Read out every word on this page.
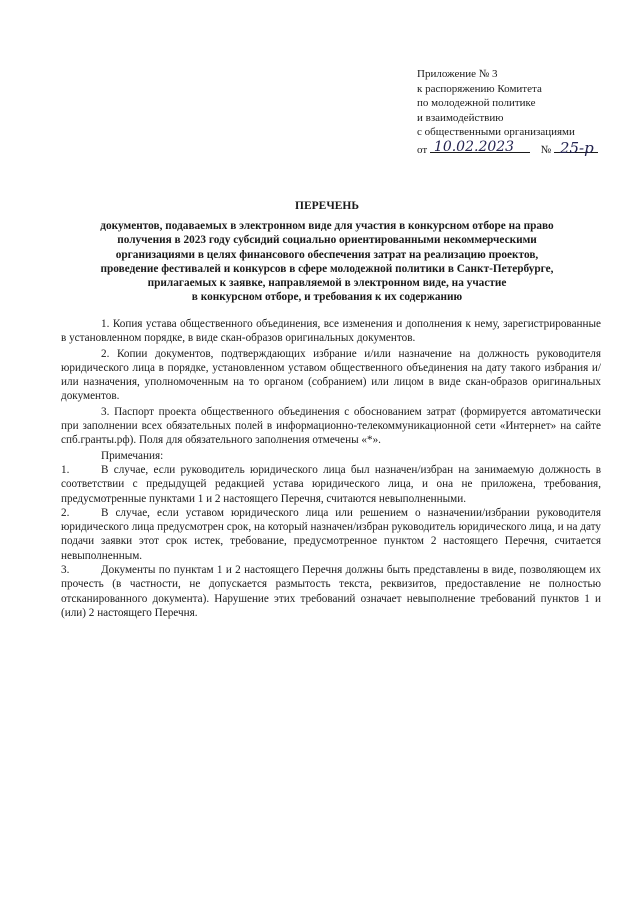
Приложение № 3
к распоряжению Комитета
по молодежной политике
и взаимодействию
с общественными организациями
от 10.02.2023 № 25-р
ПЕРЕЧЕНЬ
документов, подаваемых в электронном виде для участия в конкурсном отборе на право
получения в 2023 году субсидий социально ориентированными некоммерческими
организациями в целях финансового обеспечения затрат на реализацию проектов,
проведение фестивалей и конкурсов в сфере молодежной политики в Санкт-Петербурге,
прилагаемых к заявке, направляемой в электронном виде, на участие
в конкурсном отборе, и требования к их содержанию

1. Копия устава общественного объединения, все изменения и дополнения к нему, зарегистрированные в установленном порядке, в виде скан-образов оригинальных документов.

2. Копии документов, подтверждающих избрание и/или назначение на должность руководителя юридического лица в порядке, установленном уставом общественного объединения на дату такого избрания и/или назначения, уполномоченным на то органом (собранием) или лицом в виде скан-образов оригинальных документов.

3. Паспорт проекта общественного объединения с обоснованием затрат (формируется автоматически при заполнении всех обязательных полей в информационно-телекоммуникационной сети «Интернет» на сайте спб.гранты.рф). Поля для обязательного заполнения отмечены «*».

Примечания:

1.	В случае, если руководитель юридического лица был назначен/избран на занимаемую должность в соответствии с предыдущей редакцией устава юридического лица, и она не приложена, требования, предусмотренные пунктами 1 и 2 настоящего Перечня, считаются невыполненными.

2.	В случае, если уставом юридического лица или решением о назначении/избрании руководителя юридического лица предусмотрен срок, на который назначен/избран руководитель юридического лица, и на дату подачи заявки этот срок истек, требование, предусмотренное пунктом 2 настоящего Перечня, считается невыполненным.

3.	Документы по пунктам 1 и 2 настоящего Перечня должны быть представлены в виде, позволяющем их прочесть (в частности, не допускается размытость текста, реквизитов, предоставление не полностью отсканированного документа). Нарушение этих требований означает невыполнение требований пунктов 1 и (или) 2 настоящего Перечня.
